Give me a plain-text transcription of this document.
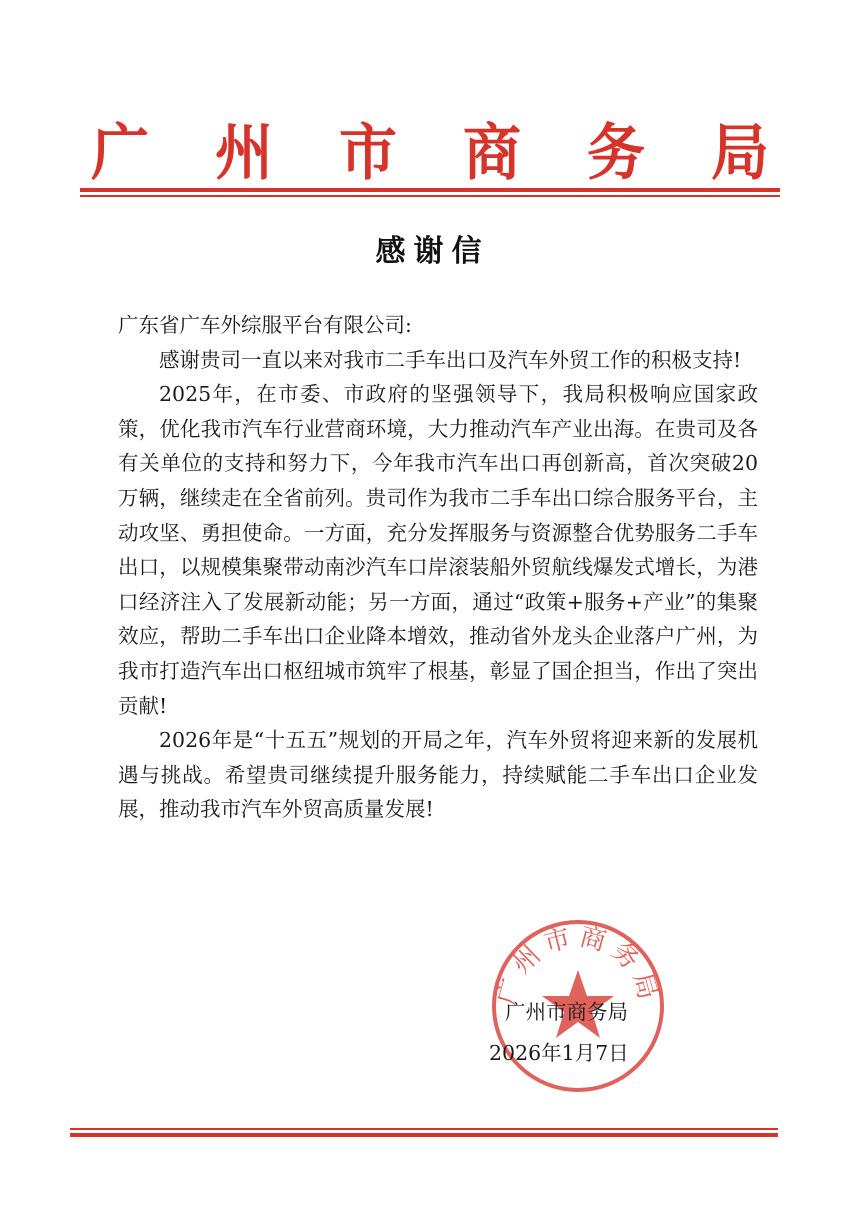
广 州 市 商 务 局
感谢信

广东省广车外综服平台有限公司:

感谢贵司一直以来对我市二手车出口及汽车外贸工作的积极支持!

2025年，在市委、市政府的坚强领导下，我局积极响应国家政策，优化我市汽车行业营商环境，大力推动汽车产业出海。在贵司及各有关单位的支持和努力下，今年我市汽车出口再创新高，首次突破20万辆，继续走在全省前列。贵司作为我市二手车出口综合服务平台，主动攻坚、勇担使命。一方面，充分发挥服务与资源整合优势服务二手车出口，以规模集聚带动南沙汽车口岸滚装船外贸航线爆发式增长，为港口经济注入了发展新动能；另一方面，通过“政策+服务+产业”的集聚效应，帮助二手车出口企业降本增效，推动省外龙头企业落户广州，为我市打造汽车出口枢纽城市筑牢了根基，彰显了国企担当，作出了突出贡献!

2026年是“十五五”规划的开局之年，汽车外贸将迎来新的发展机遇与挑战。希望贵司继续提升服务能力，持续赋能二手车出口企业发展，推动我市汽车外贸高质量发展!

广州市商务局
广州市商务局
2026年1月7日
